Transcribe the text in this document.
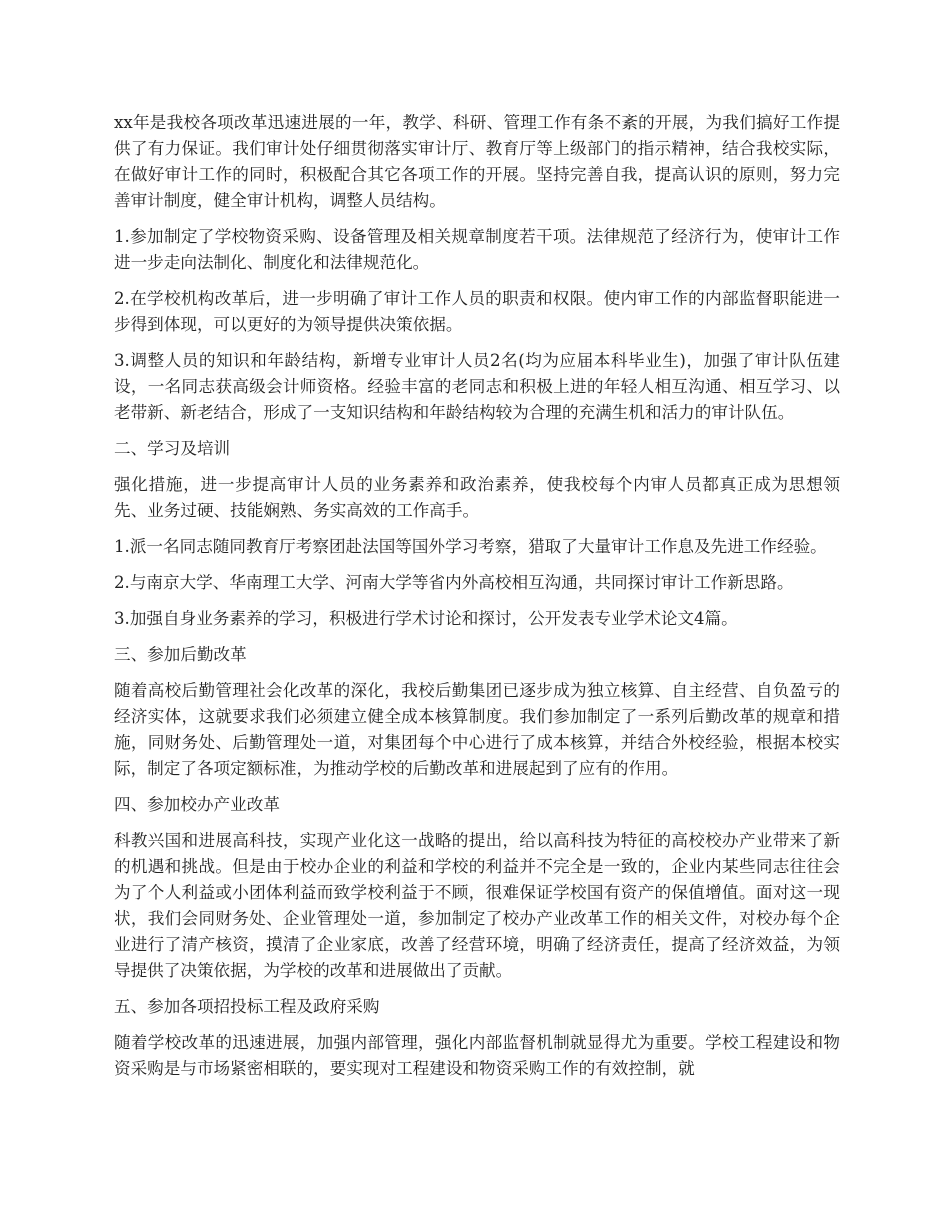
xx年是我校各项改革迅速进展的一年，教学、科研、管理工作有条不紊的开展，为我们搞好工作提供了有力保证。我们审计处仔细贯彻落实审计厅、教育厅等上级部门的指示精神，结合我校实际，在做好审计工作的同时，积极配合其它各项工作的开展。坚持完善自我，提高认识的原则，努力完善审计制度，健全审计机构，调整人员结构。

1.参加制定了学校物资采购、设备管理及相关规章制度若干项。法律规范了经济行为，使审计工作进一步走向法制化、制度化和法律规范化。

2.在学校机构改革后，进一步明确了审计工作人员的职责和权限。使内审工作的内部监督职能进一步得到体现，可以更好的为领导提供决策依据。

3.调整人员的知识和年龄结构，新增专业审计人员2名(均为应届本科毕业生)，加强了审计队伍建设，一名同志获高级会计师资格。经验丰富的老同志和积极上进的年轻人相互沟通、相互学习、以老带新、新老结合，形成了一支知识结构和年龄结构较为合理的充满生机和活力的审计队伍。

二、学习及培训

强化措施，进一步提高审计人员的业务素养和政治素养，使我校每个内审人员都真正成为思想领先、业务过硬、技能娴熟、务实高效的工作高手。

1.派一名同志随同教育厅考察团赴法国等国外学习考察，猎取了大量审计工作息及先进工作经验。

2.与南京大学、华南理工大学、河南大学等省内外高校相互沟通，共同探讨审计工作新思路。

3.加强自身业务素养的学习，积极进行学术讨论和探讨，公开发表专业学术论文4篇。

三、参加后勤改革

随着高校后勤管理社会化改革的深化，我校后勤集团已逐步成为独立核算、自主经营、自负盈亏的经济实体，这就要求我们必须建立健全成本核算制度。我们参加制定了一系列后勤改革的规章和措施，同财务处、后勤管理处一道，对集团每个中心进行了成本核算，并结合外校经验，根据本校实际，制定了各项定额标准，为推动学校的后勤改革和进展起到了应有的作用。

四、参加校办产业改革

科教兴国和进展高科技，实现产业化这一战略的提出，给以高科技为特征的高校校办产业带来了新的机遇和挑战。但是由于校办企业的利益和学校的利益并不完全是一致的，企业内某些同志往往会为了个人利益或小团体利益而致学校利益于不顾，很难保证学校国有资产的保值增值。面对这一现状，我们会同财务处、企业管理处一道，参加制定了校办产业改革工作的相关文件，对校办每个企业进行了清产核资，摸清了企业家底，改善了经营环境，明确了经济责任，提高了经济效益，为领导提供了决策依据，为学校的改革和进展做出了贡献。

五、参加各项招投标工程及政府采购

随着学校改革的迅速进展，加强内部管理，强化内部监督机制就显得尤为重要。学校工程建设和物资采购是与市场紧密相联的，要实现对工程建设和物资采购工作的有效控制，就
